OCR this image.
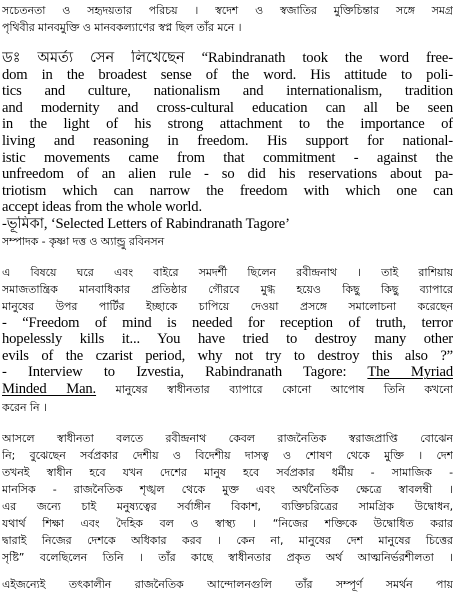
সচেতনতা ও সহৃদয়তার পরিচয় । স্বদেশ ও স্বজাতির মুক্তিচিন্তার সঙ্গে সমগ্র
পৃথিবীর মানবমুক্তি ও মানবকল্যাণের স্বপ্ন ছিল তাঁর মনে ।

ডঃ অমর্ত্য সেন লিখেছেন “Rabindranath took the word free-
dom in the broadest sense of the word. His attitude to poli-
tics and culture, nationalism and internationalism, tradition
and modernity and cross-cultural education can all be seen
in the light of his strong attachment to the importance of
living and reasoning in freedom. His support for national-
istic movements came from that commitment - against the
unfreedom of an alien rule - so did his reservations about pa-
triotism which can narrow the freedom with which one can
accept ideas from the whole world.
-ভূমিকা, ‘Selected Letters of Rabindranath Tagore’
সম্পাদক - কৃষ্ণা দত্ত ও অ্যান্ড্রু রবিনসন

এ বিষয়ে ঘরে এবং বাইরে সমদর্শী ছিলেন রবীন্দ্রনাথ । তাই রাশিয়ায়
সমাজতান্ত্রিক মানবাধিকার প্রতিষ্ঠার গৌরবে মুগ্ধ হয়েও কিছু কিছু ব্যাপারে
মানুষের উপর পার্টির ইচ্ছাকে চাপিয়ে দেওয়া প্রসঙ্গে সমালোচনা করেছেন
- “Freedom of mind is needed for reception of truth, terror
hopelessly kills it... You have tried to destroy many other
evils of the czarist period, why not try to destroy this also ?”
- Interview to Izvestia, Rabindranath Tagore: The Myriad
Minded Man. মানুষের স্বাধীনতার ব্যাপারে কোনো আপোষ তিনি কখনো
করেন নি ।

আসলে স্বাধীনতা বলতে রবীন্দ্রনাথ কেবল রাজনৈতিক স্বরাজপ্রাপ্তি বোঝেন
নি; বুঝেছেন সর্বপ্রকার দেশীয় ও বিদেশীয় দাসত্ব ও শোষণ থেকে মুক্তি । দেশ
তখনই স্বাধীন হবে যখন দেশের মানুষ হবে সর্বপ্রকার ধর্মীয় - সামাজিক -
মানসিক - রাজনৈতিক শৃঙ্খল থেকে মুক্ত এবং অর্থনৈতিক ক্ষেত্রে স্বাবলম্বী ।
এর জন্যে চাই মনুষ্যত্বের সর্বাঙ্গীন বিকাশ, ব্যক্তিচরিত্রের সামগ্রিক উদ্বোধন,
যথার্থ শিক্ষা এবং দৈহিক বল ও স্বাস্থ্য । “নিজের শক্তিকে উদ্বোধিত করার
দ্বারাই নিজের দেশকে অধিকার করব । কেন না, মানুষের দেশ মানুষের চিত্তের
সৃষ্টি” বলেছিলেন তিনি । তাঁর কাছে স্বাধীনতার প্রকৃত অর্থ আত্মনির্ভরশীলতা ।

এইজন্যেই তৎকালীন রাজনৈতিক আন্দোলনগুলি তাঁর সম্পূর্ণ সমর্থন পায়
